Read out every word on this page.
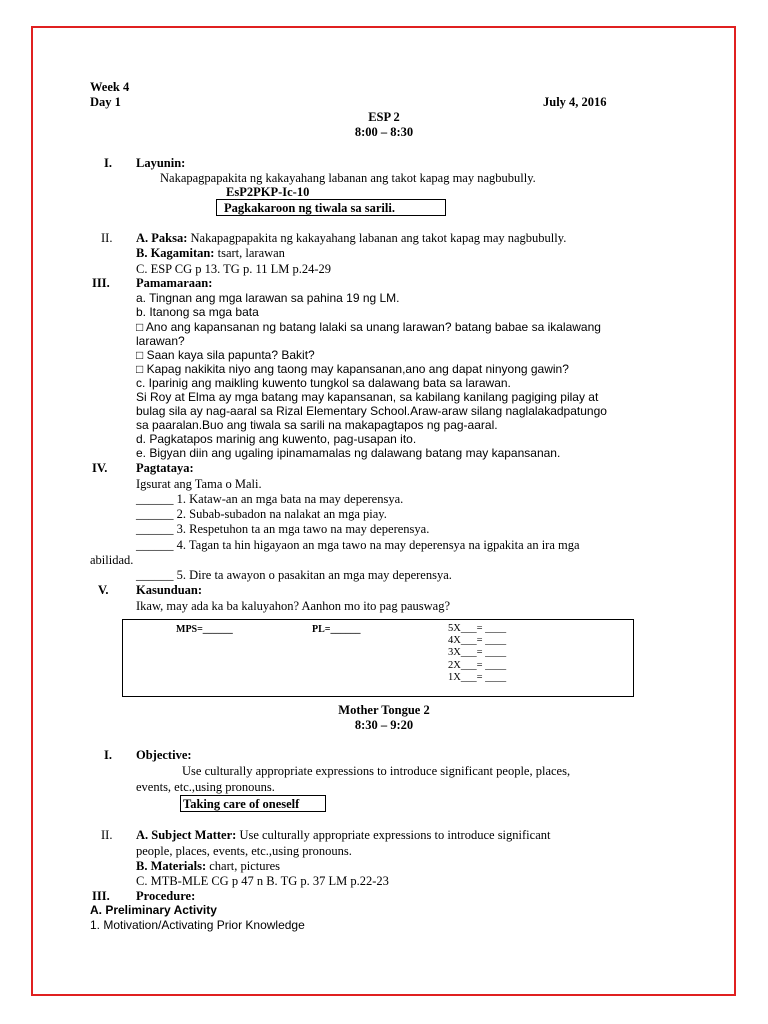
Week 4
Day 1	July 4, 2016
ESP 2
8:00 – 8:30
I. Layunin:
Nakapagpapakita ng kakayahang labanan ang takot kapag may nagbubully.
EsP2PKP-Ic-10
Pagkakaroon ng tiwala sa sarili.
II. A. Paksa: Nakapagpapakita ng kakayahang labanan ang takot kapag may nagbubully.
B. Kagamitan: tsart, larawan
C. ESP CG p 13. TG p. 11 LM p.24-29
III. Pamamaraan:
a. Tingnan ang mga larawan sa pahina 19 ng LM.
b. Itanong sa mga bata
□ Ano ang kapansanan ng batang lalaki sa unang larawan? batang babae sa ikalawang
larawan?
□ Saan kaya sila papunta? Bakit?
□ Kapag nakikita niyo ang taong may kapansanan,ano ang dapat ninyong gawin?
c. Iparinig ang maikling kuwento tungkol sa dalawang bata sa larawan.
Si Roy at Elma ay mga batang may kapansanan, sa kabilang kanilang pagiging pilay at
bulag sila ay nag-aaral sa Rizal Elementary School.Araw-araw silang naglalakadpatungo
sa paaralan.Buo ang tiwala sa sarili na makapagtapos ng pag-aaral.
d. Pagkatapos marinig ang kuwento, pag-usapan ito.
e. Bigyan diin ang ugaling ipinamamalas ng dalawang batang may kapansanan.
IV. Pagtataya:
Igsurat ang Tama o Mali.
______ 1. Kataw-an an mga bata na may deperensya.
______ 2. Subab-subadon na nalakat an mga piay.
______ 3. Respetuhon ta an mga tawo na may deperensya.
______ 4. Tagan ta hin higayaon an mga tawo na may deperensya na igpakita an ira mga
abilidad.
______ 5. Dire ta awayon o pasakitan an mga may deperensya.
V. Kasunduan:
Ikaw, may ada ka ba kaluyahon? Aanhon mo ito pag pauswag?
MPS=______	PL=______	5X___= ____
4X___= ____
3X___= ____
2X___= ____
1X___= ____
Mother Tongue 2
8:30 – 9:20
I. Objective:
Use culturally appropriate expressions to introduce significant people, places,
events, etc.,using pronouns.
Taking care of oneself
II. A. Subject Matter: Use culturally appropriate expressions to introduce significant
people, places, events, etc.,using pronouns.
B. Materials: chart, pictures
C. MTB-MLE CG p 47 n B. TG p. 37 LM p.22-23
III. Procedure:
A. Preliminary Activity
1. Motivation/Activating Prior Knowledge
